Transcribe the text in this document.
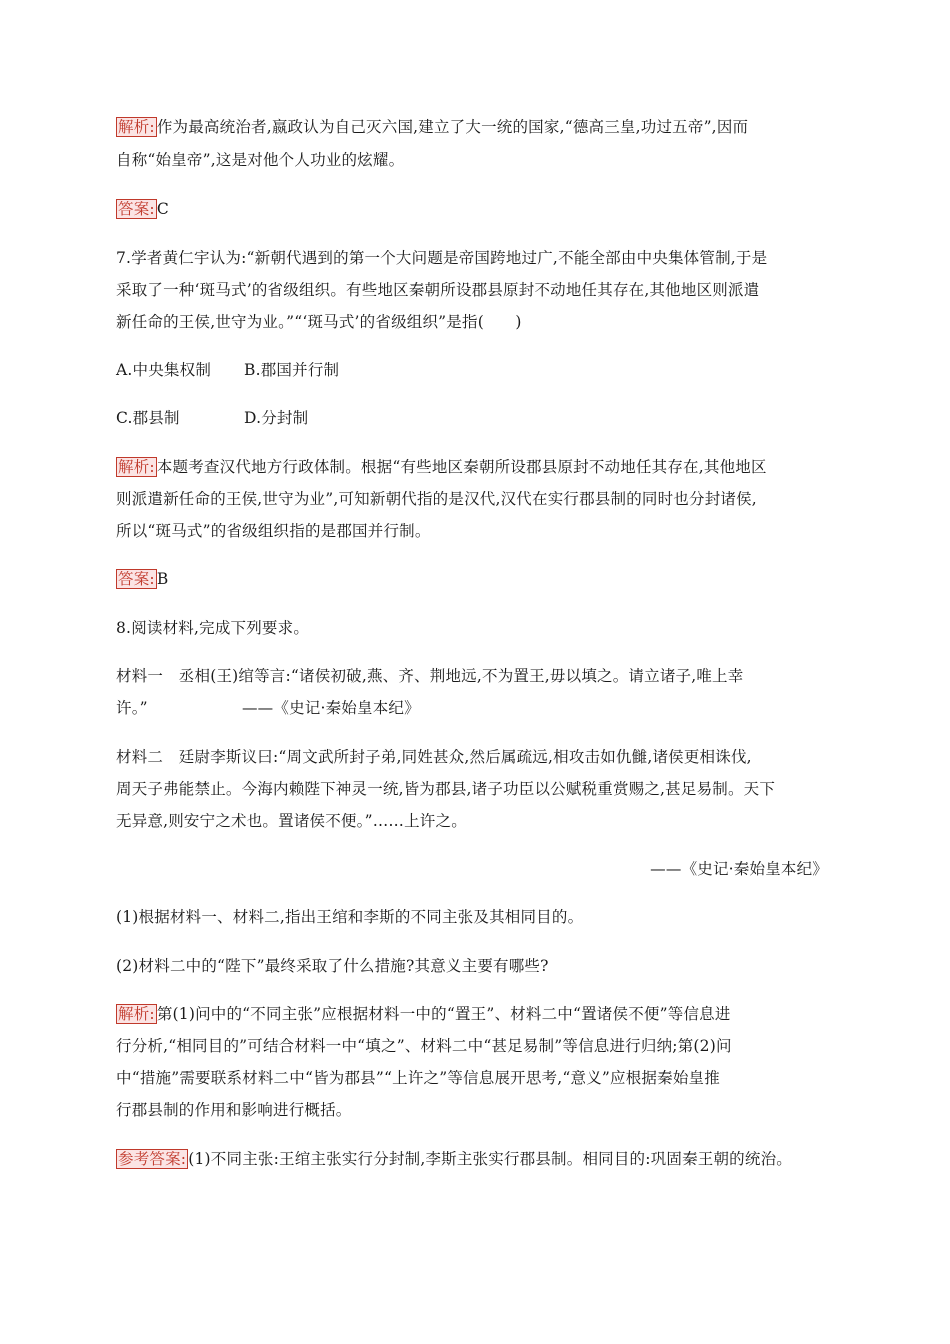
解析: 作为最高统治者,嬴政认为自己灭六国,建立了大一统的国家,“德高三皇,功过五帝”,因而
自称“始皇帝”,这是对他个人功业的炫耀。
答案: C
7.学者黄仁宇认为:“新朝代遇到的第一个大问题是帝国跨地过广,不能全部由中央集体管制,于是
采取了一种‘斑马式’的省级组织。有些地区秦朝所设郡县原封不动地任其存在,其他地区则派遣
新任命的王侯,世守为业。”“‘斑马式’的省级组织”是指(　　)
A.中央集权制 B.郡国并行制
C.郡县制	D.分封制
解析: 本题考查汉代地方行政体制。根据“有些地区秦朝所设郡县原封不动地任其存在,其他地区
则派遣新任命的王侯,世守为业”,可知新朝代指的是汉代,汉代在实行郡县制的同时也分封诸侯,
所以“斑马式”的省级组织指的是郡国并行制。
答案: B
8.阅读材料,完成下列要求。
材料一　丞相(王)绾等言:“诸侯初破,燕、齐、荆地远,不为置王,毋以填之。请立诸子,唯上幸
许。”　　　　　　——《史记·秦始皇本纪》
材料二　廷尉李斯议曰:“周文武所封子弟,同姓甚众,然后属疏远,相攻击如仇雠,诸侯更相诛伐,
周天子弗能禁止。今海内赖陛下神灵一统,皆为郡县,诸子功臣以公赋税重赏赐之,甚足易制。天下
无异意,则安宁之术也。置诸侯不便。”……上许之。
——《史记·秦始皇本纪》
(1)根据材料一、材料二,指出王绾和李斯的不同主张及其相同目的。
(2)材料二中的“陛下”最终采取了什么措施?其意义主要有哪些?
解析: 第(1)问中的“不同主张”应根据材料一中的“置王”、材料二中“置诸侯不便”等信息进
行分析,“相同目的”可结合材料一中“填之”、材料二中“甚足易制”等信息进行归纳;第(2)问
中“措施”需要联系材料二中“皆为郡县”“上许之”等信息展开思考,“意义”应根据秦始皇推
行郡县制的作用和影响进行概括。
参考答案: (1)不同主张:王绾主张实行分封制,李斯主张实行郡县制。相同目的:巩固秦王朝的统治。
